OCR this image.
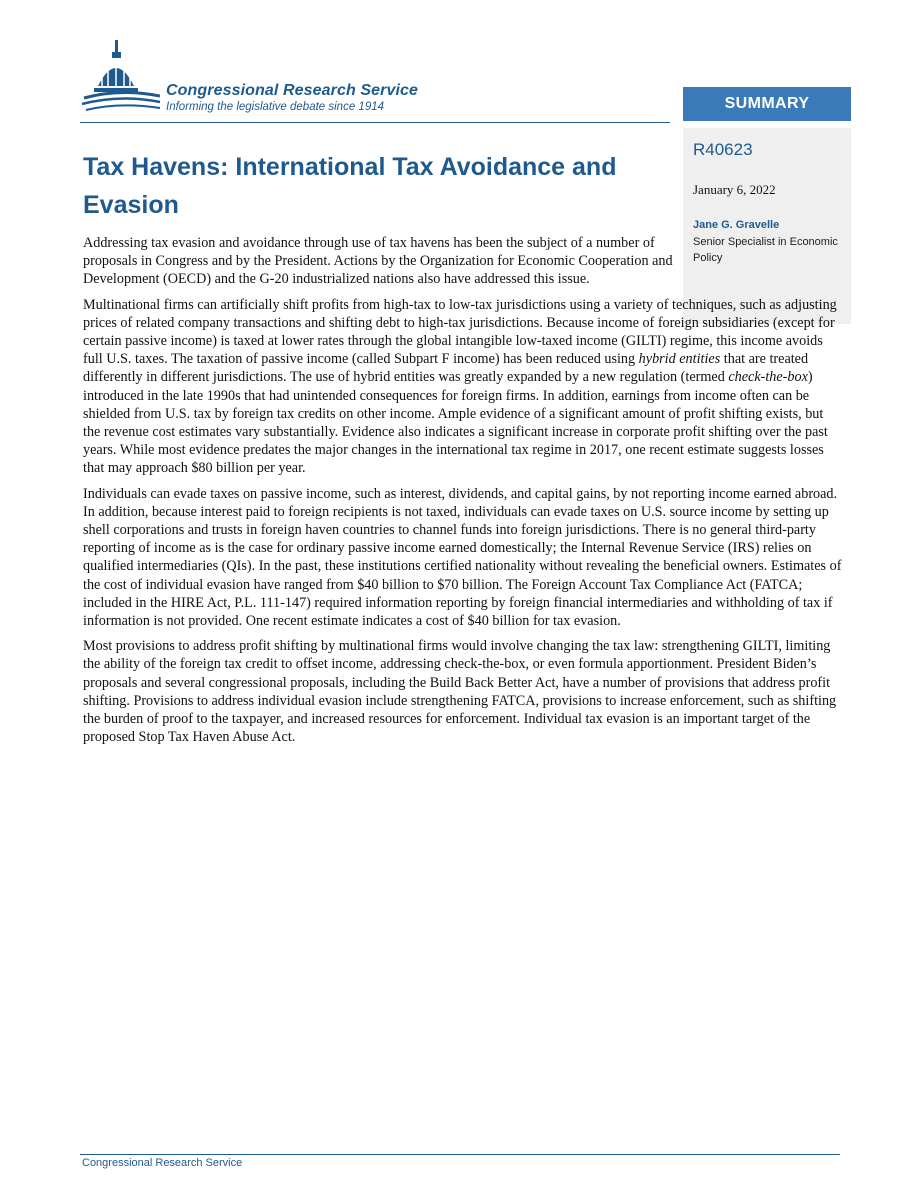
Congressional Research Service
Informing the legislative debate since 1914	SUMMARY
R40623
January 6, 2022
Jane G. Gravelle
Senior Specialist in Economic Policy
Tax Havens: International Tax Avoidance and Evasion

Addressing tax evasion and avoidance through use of tax havens has been the subject of a number of proposals in Congress and by the President. Actions by the Organization for Economic Cooperation and Development (OECD) and the G-20 industrialized nations also have addressed this issue.

Multinational firms can artificially shift profits from high-tax to low-tax jurisdictions using a variety of techniques, such as adjusting prices of related company transactions and shifting debt to high-tax jurisdictions. Because income of foreign subsidiaries (except for certain passive income) is taxed at lower rates through the global intangible low-taxed income (GILTI) regime, this income avoids full U.S. taxes. The taxation of passive income (called Subpart F income) has been reduced using hybrid entities that are treated differently in different jurisdictions. The use of hybrid entities was greatly expanded by a new regulation (termed check-the-box) introduced in the late 1990s that had unintended consequences for foreign firms. In addition, earnings from income often can be shielded from U.S. tax by foreign tax credits on other income. Ample evidence of a significant amount of profit shifting exists, but the revenue cost estimates vary substantially. Evidence also indicates a significant increase in corporate profit shifting over the past years. While most evidence predates the major changes in the international tax regime in 2017, one recent estimate suggests losses that may approach $80 billion per year.

Individuals can evade taxes on passive income, such as interest, dividends, and capital gains, by not reporting income earned abroad. In addition, because interest paid to foreign recipients is not taxed, individuals can evade taxes on U.S. source income by setting up shell corporations and trusts in foreign haven countries to channel funds into foreign jurisdictions. There is no general third-party reporting of income as is the case for ordinary passive income earned domestically; the Internal Revenue Service (IRS) relies on qualified intermediaries (QIs). In the past, these institutions certified nationality without revealing the beneficial owners. Estimates of the cost of individual evasion have ranged from $40 billion to $70 billion. The Foreign Account Tax Compliance Act (FATCA; included in the HIRE Act, P.L. 111-147) required information reporting by foreign financial intermediaries and withholding of tax if information is not provided. One recent estimate indicates a cost of $40 billion for tax evasion.

Most provisions to address profit shifting by multinational firms would involve changing the tax law: strengthening GILTI, limiting the ability of the foreign tax credit to offset income, addressing check-the-box, or even formula apportionment. President Biden’s proposals and several congressional proposals, including the Build Back Better Act, have a number of provisions that address profit shifting. Provisions to address individual evasion include strengthening FATCA, provisions to increase enforcement, such as shifting the burden of proof to the taxpayer, and increased resources for enforcement. Individual tax evasion is an important target of the proposed Stop Tax Haven Abuse Act.

Congressional Research Service
